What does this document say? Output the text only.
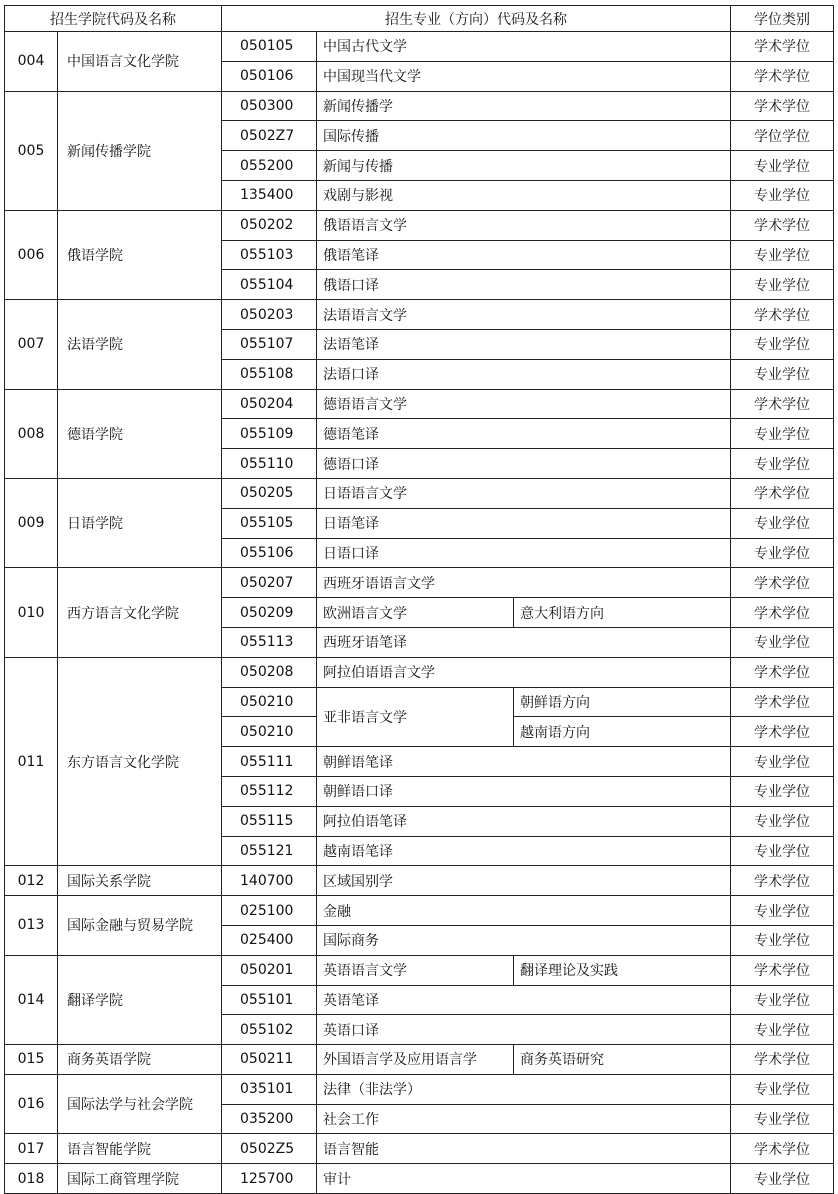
招生学院代码及名称		招生专业（方向）代码及名称			学位类别
004	中国语言文化学院	050105	中国古代文学		学术学位
		050106	中国现当代文学		学术学位
005	新闻传播学院	050300	新闻传播学		学术学位
		0502Z7	国际传播		学位学位
		055200	新闻与传播		专业学位
		135400	戏剧与影视		专业学位
006	俄语学院	050202	俄语语言文学		学术学位
		055103	俄语笔译		专业学位
		055104	俄语口译		专业学位
007	法语学院	050203	法语语言文学		学术学位
		055107	法语笔译		专业学位
		055108	法语口译		专业学位
008	德语学院	050204	德语语言文学		学术学位
		055109	德语笔译		专业学位
		055110	德语口译		专业学位
009	日语学院	050205	日语语言文学		学术学位
		055105	日语笔译		专业学位
		055106	日语口译		专业学位
010	西方语言文化学院	050207	西班牙语语言文学		学术学位
		050209	欧洲语言文学	意大利语方向	学术学位
		055113	西班牙语笔译		专业学位
011	东方语言文化学院	050208	阿拉伯语语言文学		学术学位
		050210	亚非语言文学	朝鲜语方向	学术学位
		050210		越南语方向	学术学位
		055111	朝鲜语笔译		专业学位
		055112	朝鲜语口译		专业学位
		055115	阿拉伯语笔译		专业学位
		055121	越南语笔译		专业学位
012	国际关系学院	140700	区域国别学		学术学位
013	国际金融与贸易学院	025100	金融		专业学位
		025400	国际商务		专业学位
014	翻译学院	050201	英语语言文学	翻译理论及实践	学术学位
		055101	英语笔译		专业学位
		055102	英语口译		专业学位
015	商务英语学院	050211	外国语言学及应用语言学	商务英语研究	学术学位
016	国际法学与社会学院	035101	法律（非法学）		专业学位
		035200	社会工作		专业学位
017	语言智能学院	0502Z5	语言智能		学术学位
018	国际工商管理学院	125700	审计		专业学位
